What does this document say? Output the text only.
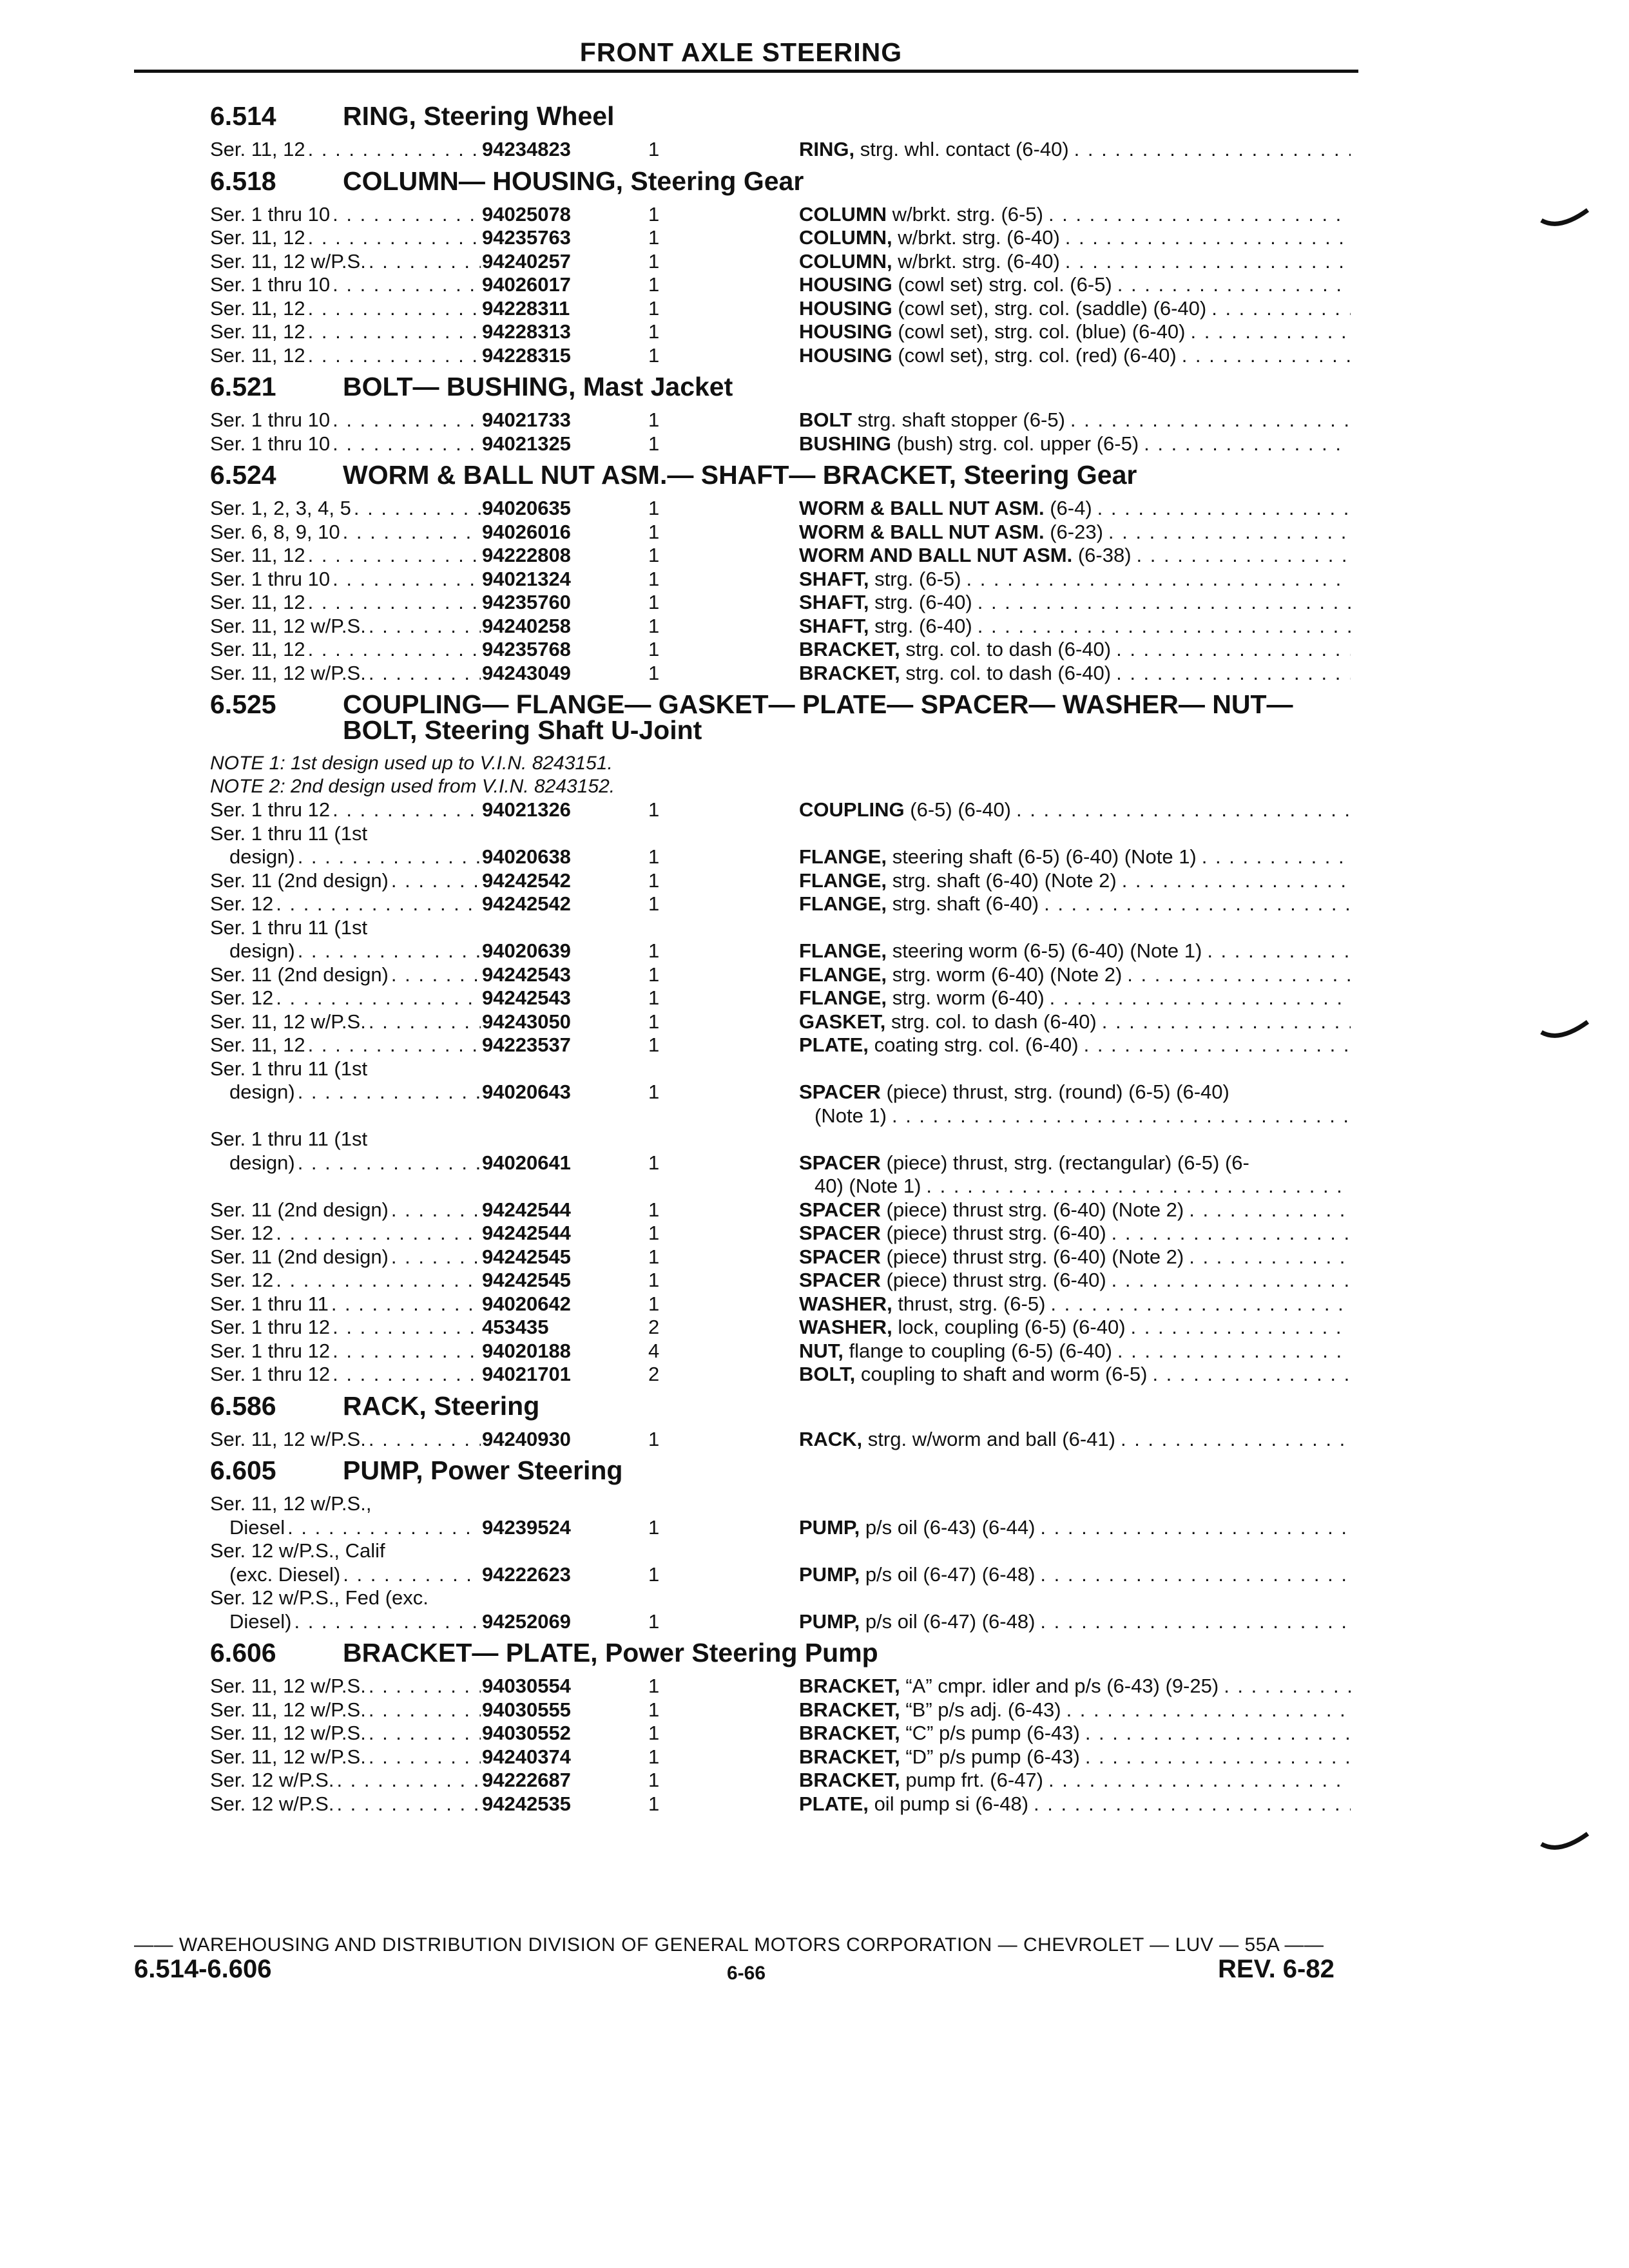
FRONT AXLE STEERING
6.514	RING, Steering Wheel
Ser. 11, 12 . . .	94234823	1	RING,
strg. whl. contact (6-40)
. . .
6.518	COLUMN— HOUSING, Steering Gear
Ser. 1 thru 10 . . .	94025078	1	COLUMN
w/brkt. strg. (6-5)
. . .
Ser. 11, 12 . . .	94235763	1	COLUMN,
w/brkt. strg. (6-40)
. . .
Ser. 11, 12 w/P.S. . . .	94240257	1	COLUMN,
w/brkt. strg. (6-40)
. . .
Ser. 1 thru 10 . . .	94026017	1	HOUSING
(cowl set) strg. col. (6-5)
. . .
Ser. 11, 12 . . .	94228311	1	HOUSING
(cowl set), strg. col. (saddle) (6-40)
. . .
Ser. 11, 12 . . .	94228313	1	HOUSING
(cowl set), strg. col. (blue) (6-40)
. . .
Ser. 11, 12 . . .	94228315	1	HOUSING
(cowl set), strg. col. (red) (6-40)
. . .
6.521	BOLT— BUSHING, Mast Jacket
Ser. 1 thru 10 . . .	94021733	1	BOLT
strg. shaft stopper (6-5)
. . .
Ser. 1 thru 10 . . .	94021325	1	BUSHING
(bush) strg. col. upper (6-5)
. . .
6.524	WORM & BALL NUT ASM.— SHAFT— BRACKET, Steering Gear
Ser. 1, 2, 3, 4, 5 . . .	94020635	1	WORM & BALL NUT ASM.
(6-4)
. . .
Ser. 6, 8, 9, 10 . . .	94026016	1	WORM & BALL NUT ASM.
(6-23)
. . .
Ser. 11, 12 . . .	94222808	1	WORM AND BALL NUT ASM.
(6-38)
. . .
Ser. 1 thru 10 . . .	94021324	1	SHAFT,
strg. (6-5)
. . .
Ser. 11, 12 . . .	94235760	1	SHAFT,
strg. (6-40)
. . .
Ser. 11, 12 w/P.S. . . .	94240258	1	SHAFT,
strg. (6-40)
. . .
Ser. 11, 12 . . .	94235768	1	BRACKET,
strg. col. to dash (6-40)
. . .
Ser. 11, 12 w/P.S. . . .	94243049	1	BRACKET,
strg. col. to dash (6-40)
. . .
6.525	COUPLING— FLANGE— GASKET— PLATE— SPACER— WASHER— NUT— BOLT, Steering Shaft U-Joint
NOTE 1: 1st design used up to V.I.N. 8243151.
NOTE 2: 2nd design used from V.I.N. 8243152.
Ser. 1 thru 12 . . .	94021326	1	COUPLING
(6-5) (6-40)
. . .
Ser. 1 thru 11 (1st
design) . . .	94020638	1	FLANGE,
steering shaft (6-5) (6-40) (Note 1)
. . .
Ser. 11 (2nd design) . . .	94242542	1	FLANGE,
strg. shaft (6-40) (Note 2)
. . .
Ser. 12 . . .	94242542	1	FLANGE,
strg. shaft (6-40)
. . .
Ser. 1 thru 11 (1st
design) . . .	94020639	1	FLANGE,
steering worm (6-5) (6-40) (Note 1)
. . .
Ser. 11 (2nd design) . . .	94242543	1	FLANGE,
strg. worm (6-40) (Note 2)
. . .
Ser. 12 . . .	94242543	1	FLANGE,
strg. worm (6-40)
. . .
Ser. 11, 12 w/P.S. . . .	94243050	1	GASKET,
strg. col. to dash (6-40)
. . .
Ser. 11, 12 . . .	94223537	1	PLATE,
coating strg. col. (6-40)
. . .
Ser. 1 thru 11 (1st
design) . . .	94020643	1	SPACER
(piece) thrust, strg. (round) (6-5) (6-40)
(Note 1)
. . .
Ser. 1 thru 11 (1st
design) . . .	94020641	1	SPACER
(piece) thrust, strg. (rectangular) (6-5) (6-
40) (Note 1)
. . .
Ser. 11 (2nd design) . . .	94242544	1	SPACER
(piece) thrust strg. (6-40) (Note 2)
. . .
Ser. 12 . . .	94242544	1	SPACER
(piece) thrust strg. (6-40)
. . .
Ser. 11 (2nd design) . . .	94242545	1	SPACER
(piece) thrust strg. (6-40) (Note 2)
. . .
Ser. 12 . . .	94242545	1	SPACER
(piece) thrust strg. (6-40)
. . .
Ser. 1 thru 11 . . .	94020642	1	WASHER,
thrust, strg. (6-5)
. . .
Ser. 1 thru 12 . . .	453435	2	WASHER,
lock, coupling (6-5) (6-40)
. . .
Ser. 1 thru 12 . . .	94020188	4	NUT,
flange to coupling (6-5) (6-40)
. . .
Ser. 1 thru 12 . . .	94021701	2	BOLT,
coupling to shaft and worm (6-5)
. . .
6.586	RACK, Steering
Ser. 11, 12 w/P.S. . . .	94240930	1	RACK,
strg. w/worm and ball (6-41)
. . .
6.605	PUMP, Power Steering
Ser. 11, 12 w/P.S.,
Diesel . . .	94239524	1	PUMP,
p/s oil (6-43) (6-44)
. . .
Ser. 12 w/P.S., Calif
(exc. Diesel) . . .	94222623	1	PUMP,
p/s oil (6-47) (6-48)
. . .
Ser. 12 w/P.S., Fed (exc.
Diesel) . . .	94252069	1	PUMP,
p/s oil (6-47) (6-48)
. . .
6.606	BRACKET— PLATE, Power Steering Pump
Ser. 11, 12 w/P.S. . . .	94030554	1	BRACKET,
“A” cmpr. idler and p/s (6-43) (9-25)
. . .
Ser. 11, 12 w/P.S. . . .	94030555	1	BRACKET,
“B” p/s adj. (6-43)
. . .
Ser. 11, 12 w/P.S. . . .	94030552	1	BRACKET,
“C” p/s pump (6-43)
. . .
Ser. 11, 12 w/P.S. . . .	94240374	1	BRACKET,
“D” p/s pump (6-43)
. . .
Ser. 12 w/P.S. . . .	94222687	1	BRACKET,
pump frt. (6-47)
. . .
Ser. 12 w/P.S. . . .	94242535	1	PLATE,
oil pump si (6-48)
. . .
—— WAREHOUSING AND DISTRIBUTION DIVISION OF GENERAL MOTORS CORPORATION — CHEVROLET — LUV — 55A ——
6.514-6.606	6-66	REV. 6-82
